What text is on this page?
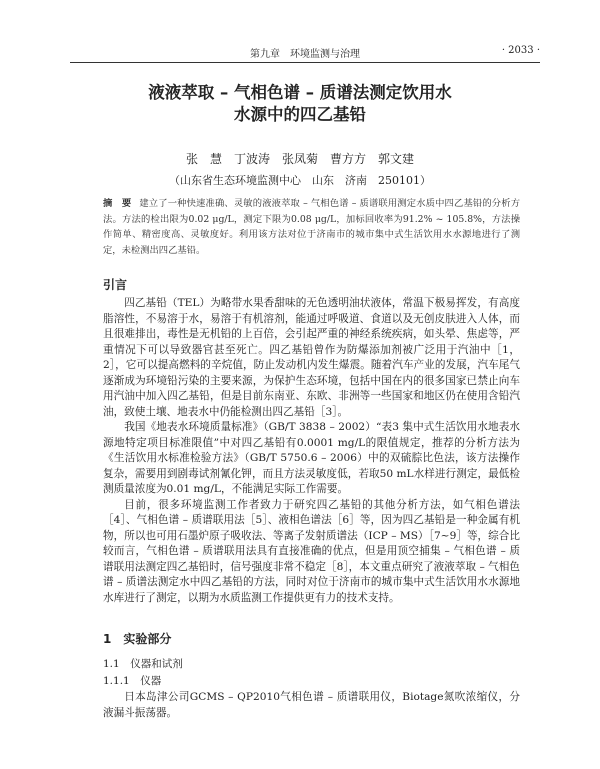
第九章　环境监测与治理	· 2033 ·
液液萃取 – 气相色谱 – 质谱法测定饮用水
水源中的四乙基铅
张　慧　丁波涛　张凤菊　曹方方　郭文建
（山东省生态环境监测中心　山东　济南　250101）
摘　要 建立了一种快速准确、灵敏的液液萃取 – 气相色谱 – 质谱联用测定水质中四乙基铅的分析方法。方法的检出限为0.02 μg/L，测定下限为0.08 μg/L，加标回收率为91.2% ~ 105.8%，方法操作简单、精密度高、灵敏度好。利用该方法对位于济南市的城市集中式生活饮用水水源地进行了测定，未检测出四乙基铅。
引言

四乙基铅（TEL）为略带水果香甜味的无色透明油状液体，常温下极易挥发，有高度脂溶性，不易溶于水，易溶于有机溶剂，能通过呼吸道、食道以及无创皮肤进入人体，而且很难排出，毒性是无机铅的上百倍，会引起严重的神经系统疾病，如头晕、焦虑等，严重情况下可以导致器官甚至死亡。四乙基铅曾作为防爆添加剂被广泛用于汽油中［1，2］，它可以提高燃料的辛烷值，防止发动机内发生爆震。随着汽车产业的发展，汽车尾气逐渐成为环境铅污染的主要来源，为保护生态环境，包括中国在内的很多国家已禁止向车用汽油中加入四乙基铅，但是目前东南亚、东欧、非洲等一些国家和地区仍在使用含铅汽油，致使土壤、地表水中仍能检测出四乙基铅［3］。

我国《地表水环境质量标准》（GB/T 3838 – 2002）“表3 集中式生活饮用水地表水源地特定项目标准限值”中对四乙基铅有0.0001 mg/L的限值规定，推荐的分析方法为《生活饮用水标准检验方法》（GB/T 5750.6 – 2006）中的双硫腙比色法，该方法操作复杂，需要用到剧毒试剂氰化钾，而且方法灵敏度低，若取50 mL水样进行测定，最低检测质量浓度为0.01 mg/L，不能满足实际工作需要。

目前，很多环境监测工作者致力于研究四乙基铅的其他分析方法，如气相色谱法［4］、气相色谱 – 质谱联用法［5］、液相色谱法［6］等，因为四乙基铅是一种金属有机物，所以也可用石墨炉原子吸收法、等离子发射质谱法（ICP – MS）［7~9］等，综合比较而言，气相色谱 – 质谱联用法具有直接准确的优点，但是用顶空捕集 – 气相色谱 – 质谱联用法测定四乙基铅时，信号强度非常不稳定［8］，本文重点研究了液液萃取 – 气相色谱 – 质谱法测定水中四乙基铅的方法，同时对位于济南市的城市集中式生活饮用水水源地水库进行了测定，以期为水质监测工作提供更有力的技术支持。

1　实验部分
1.1　仪器和试剂
1.1.1　仪器

日本岛津公司GCMS – QP2010气相色谱 – 质谱联用仪，Biotage氮吹浓缩仪，分液漏斗振荡器。
